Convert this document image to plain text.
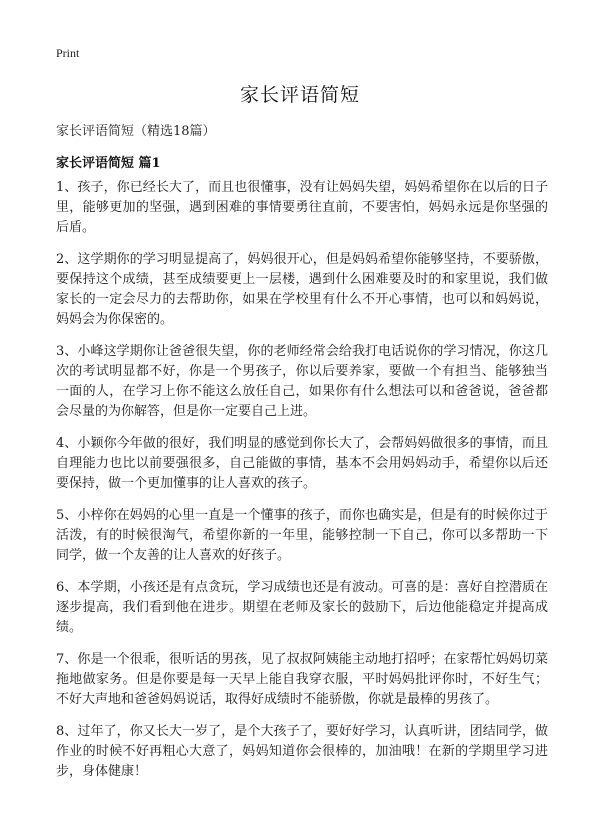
Print
家长评语简短
家长评语简短（精选18篇）
家长评语简短 篇1

1、孩子，你已经长大了，而且也很懂事，没有让妈妈失望，妈妈希望你在以后的日子里，能够更加的坚强，遇到困难的事情要勇往直前，不要害怕，妈妈永远是你坚强的后盾。

2、这学期你的学习明显提高了，妈妈很开心，但是妈妈希望你能够坚持，不要骄傲，要保持这个成绩，甚至成绩要更上一层楼，遇到什么困难要及时的和家里说，我们做家长的一定会尽力的去帮助你，如果在学校里有什么不开心事情，也可以和妈妈说，妈妈会为你保密的。

3、小峰这学期你让爸爸很失望，你的老师经常会给我打电话说你的学习情况，你这几次的考试明显都不好，你是一个男孩子，你以后要养家，要做一个有担当、能够独当一面的人，在学习上你不能这么放任自己，如果你有什么想法可以和爸爸说，爸爸都会尽量的为你解答，但是你一定要自己上进。

4、小颖你今年做的很好，我们明显的感觉到你长大了，会帮妈妈做很多的事情，而且自理能力也比以前要强很多，自己能做的事情，基本不会用妈妈动手，希望你以后还要保持，做一个更加懂事的让人喜欢的孩子。

5、小梓你在妈妈的心里一直是一个懂事的孩子，而你也确实是，但是有的时候你过于活泼，有的时候很淘气，希望你新的一年里，能够控制一下自己，你可以多帮助一下同学，做一个友善的让人喜欢的好孩子。

6、本学期，小孩还是有点贪玩，学习成绩也还是有波动。可喜的是：喜好自控潜质在逐步提高，我们看到他在进步。期望在老师及家长的鼓励下，后边他能稳定并提高成绩。

7、你是一个很乖，很听话的男孩，见了叔叔阿姨能主动地打招呼；在家帮忙妈妈切菜拖地做家务。但是你要是每一天早上能自我穿衣服，平时妈妈批评你时，不好生气；不好大声地和爸爸妈妈说话，取得好成绩时不能骄傲，你就是最棒的男孩了。

8、过年了，你又长大一岁了，是个大孩子了，要好好学习，认真听讲，团结同学，做作业的时候不好再粗心大意了，妈妈知道你会很棒的，加油哦！在新的学期里学习进步，身体健康！
